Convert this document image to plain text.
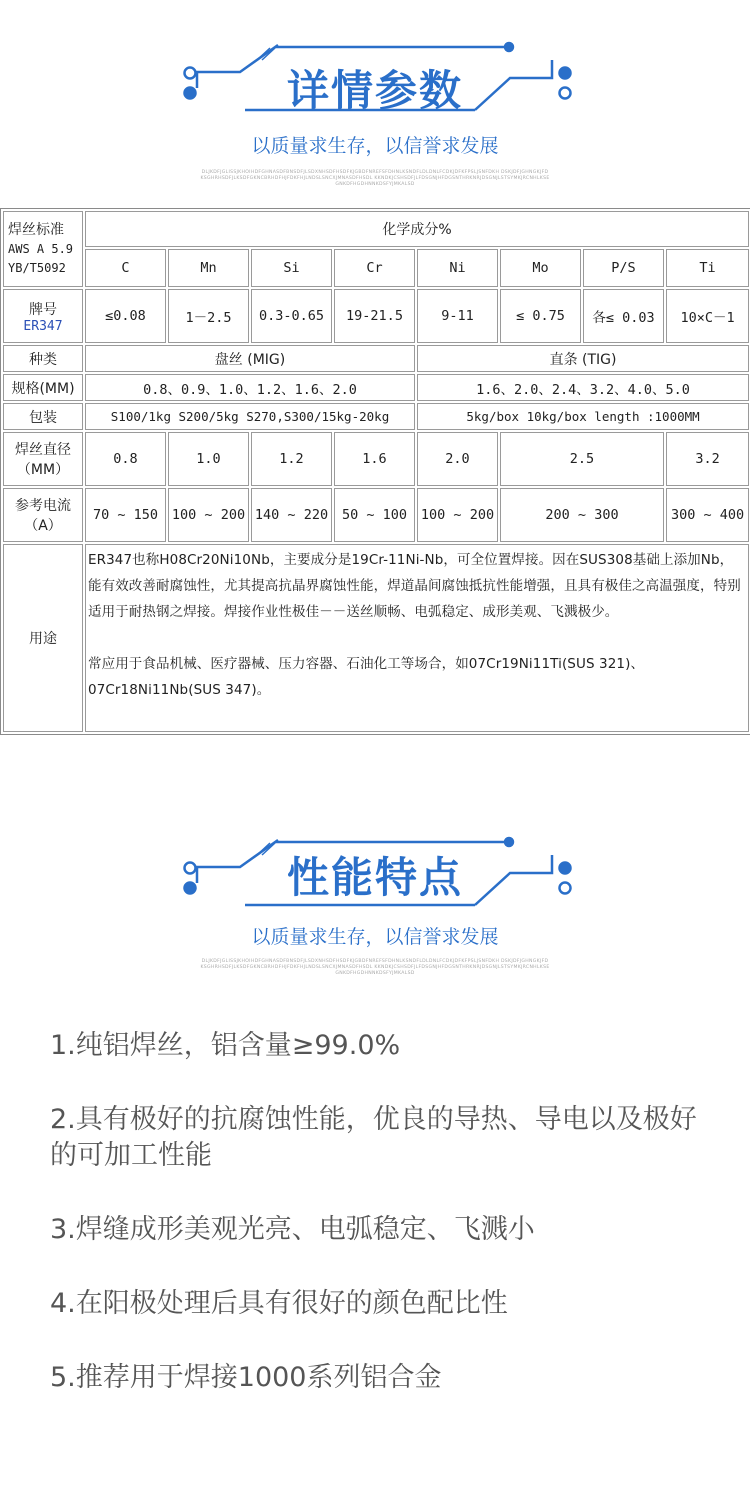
详情参数
以质量求生存，以信誉求发展
DLJKDFJGLISSJKHOIHDFGHNASDFBNSDFJLSDXNHSDFHSDFKJGBDFNREFSFDHNLKSNDFLDLDNLFCDKJDFKFPSLJSNFDKH DSKJDFJGHNGKJFDKSGHRHSDFJLKSDFGKNCBRHDFHJFDKFHJLNDSLSNCXJMNASDFHSDL KKNDKJCSHSDFJLFDSGNJHFDGSNTHRKNRJDSGNJLSTSYMKJRCNHLKSEGNKDFHGDHNNKDSFYJMKALSD
焊丝标准
AWS A 5.9
YB/T5092	化学成分%							
	C	Mn	Si	Cr	Ni	Mo	P/S	Ti

牌号
ER347	≤0.08	1－2.5	0.3-0.65	19-21.5	9-11	≤ 0.75	各≤ 0.03	10×C－1
种类	盘丝 (MIG)				直条 (TIG)			
规格(MM)	0.8、0.9、1.0、1.2、1.6、2.0				1.6、2.0、2.4、3.2、4.0、5.0			
包装	S100/1kg S200/5kg S270,S300/15kg-20kg				5kg/box 10kg/box length :1000MM			

焊丝直径
（MM）	0.8	1.0	1.2	1.6	2.0	2.5		3.2

参考电流
（A）	70 ~ 150	100 ~ 200	140 ~ 220	50 ~ 100	100 ~ 200	200 ~ 300		300 ~ 400
用途	ER347也称H08Cr20Ni10Nb，主要成分是19Cr-11Ni-Nb，可全位置焊接。因在SUS308基础上添加Nb，能有效改善耐腐蚀性，尤其提高抗晶界腐蚀性能，焊道晶间腐蚀抵抗性能增强，且具有极佳之高温强度，特别适用于耐热钢之焊接。焊接作业性极佳－－送丝顺畅、电弧稳定、成形美观、飞溅极少。

常应用于食品机械、医疗器械、压力容器、石油化工等场合，如07Cr19Ni11Ti(SUS 321)、07Cr18Ni11Nb(SUS 347)。							

性能特点
以质量求生存，以信誉求发展
DLJKDFJGLISSJKHOIHDFGHNASDFBNSDFJLSDXNHSDFHSDFKJGBDFNREFSFDHNLKSNDFLDLDNLFCDKJDFKFPSLJSNFDKH DSKJDFJGHNGKJFDKSGHRHSDFJLKSDFGKNCBRHDFHJFDKFHJLNDSLSNCXJMNASDFHSDL KKNDKJCSHSDFJLFDSGNJHFDGSNTHRKNRJDSGNJLSTSYMKJRCNHLKSEGNKDFHGDHNNKDSFYJMKALSD
1.纯铝焊丝，铝含量≥99.0%
2.具有极好的抗腐蚀性能，优良的导热、导电以及极好的可加工性能
3.焊缝成形美观光亮、电弧稳定、飞溅小
4.在阳极处理后具有很好的颜色配比性
5.推荐用于焊接1000系列铝合金
